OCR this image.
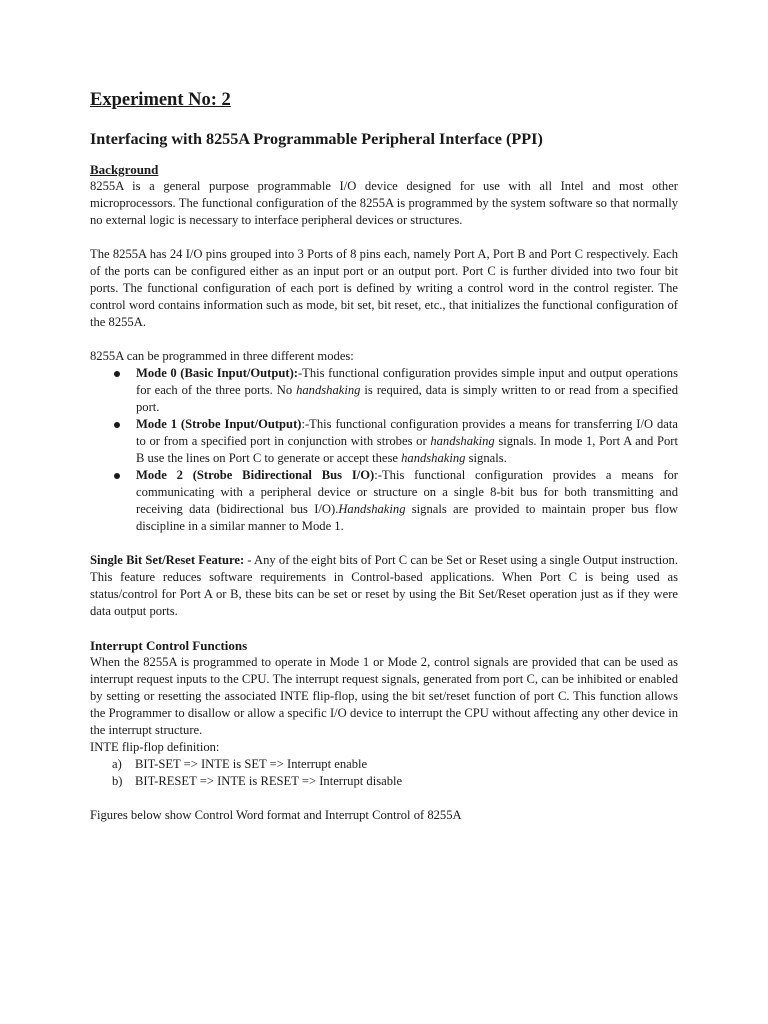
Experiment No: 2
Interfacing with 8255A Programmable Peripheral Interface (PPI)
Background

8255A is a general purpose programmable I/O device designed for use with all Intel and most other microprocessors. The functional configuration of the 8255A is programmed by the system software so that normally no external logic is necessary to interface peripheral devices or structures.

The 8255A has 24 I/O pins grouped into 3 Ports of 8 pins each, namely Port A, Port B and Port C respectively. Each of the ports can be configured either as an input port or an output port. Port C is further divided into two four bit ports. The functional configuration of each port is defined by writing a control word in the control register. The control word contains information such as mode, bit set, bit reset, etc., that initializes the functional configuration of the 8255A.

8255A can be programmed in three different modes:

Mode 0 (Basic Input/Output):-This functional configuration provides simple input and output operations for each of the three ports. No handshaking is required, data is simply written to or read from a specified port.
Mode 1 (Strobe Input/Output):-This functional configuration provides a means for transferring I/O data to or from a specified port in conjunction with strobes or handshaking signals. In mode 1, Port A and Port B use the lines on Port C to generate or accept these handshaking signals.
Mode 2 (Strobe Bidirectional Bus I/O):-This functional configuration provides a means for communicating with a peripheral device or structure on a single 8-bit bus for both transmitting and receiving data (bidirectional bus I/O).Handshaking signals are provided to maintain proper bus flow discipline in a similar manner to Mode 1.

Single Bit Set/Reset Feature: - Any of the eight bits of Port C can be Set or Reset using a single Output instruction. This feature reduces software requirements in Control-based applications. When Port C is being used as status/control for Port A or B, these bits can be set or reset by using the Bit Set/Reset operation just as if they were data output ports.

Interrupt Control Functions

When the 8255A is programmed to operate in Mode 1 or Mode 2, control signals are provided that can be used as interrupt request inputs to the CPU. The interrupt request signals, generated from port C, can be inhibited or enabled by setting or resetting the associated INTE flip-flop, using the bit set/reset function of port C. This function allows the Programmer to disallow or allow a specific I/O device to interrupt the CPU without affecting any other device in the interrupt structure.

INTE flip-flop definition:
a) BIT-SET => INTE is SET => Interrupt enable
b) BIT-RESET => INTE is RESET => Interrupt disable

Figures below show Control Word format and Interrupt Control of 8255A
